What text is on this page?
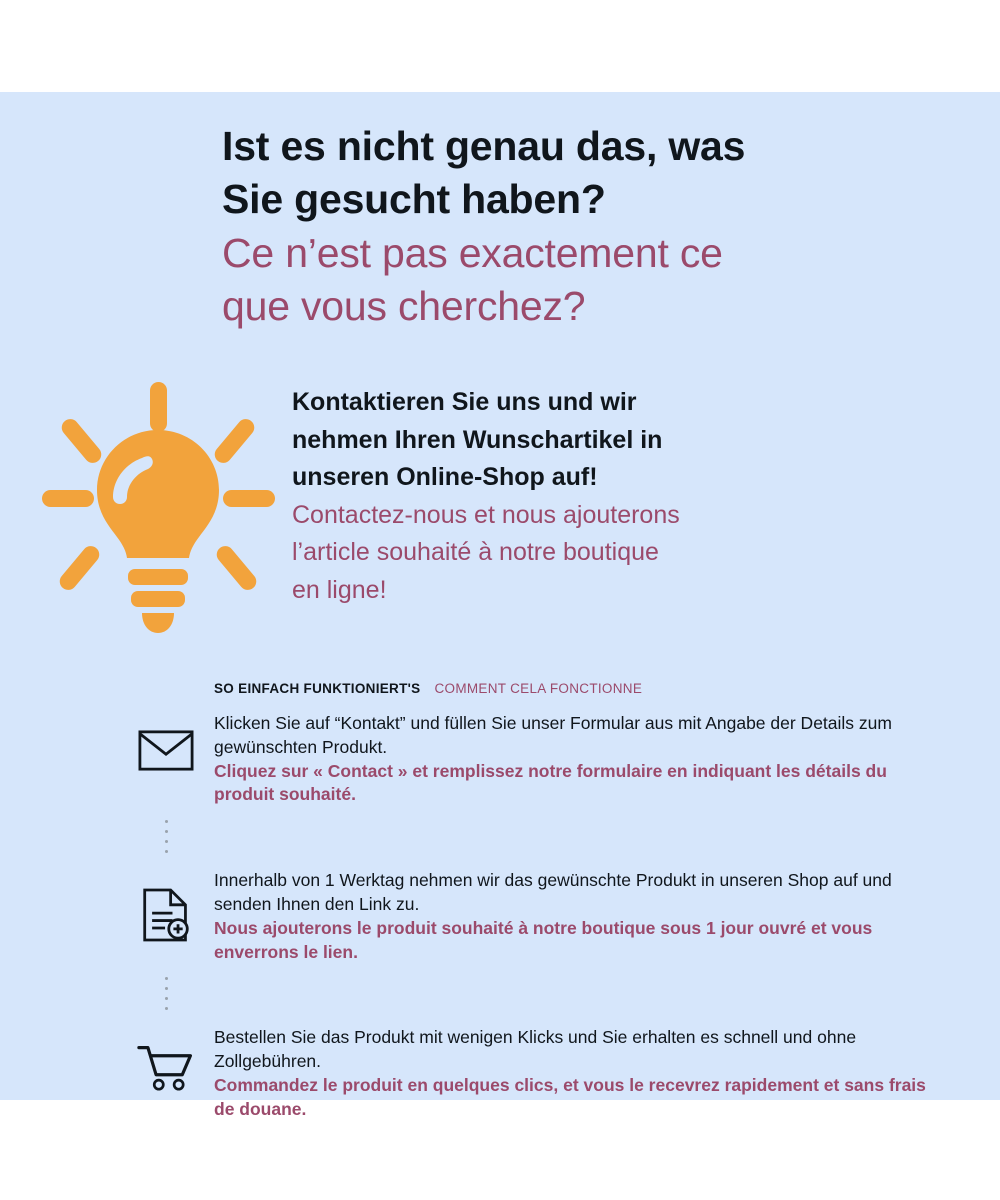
Ist es nicht genau das, was

Sie gesucht haben?

Ce n’est pas exactement ce

que vous cherchez?

Kontaktieren Sie uns und wir

nehmen Ihren Wunschartikel in

unseren Online-Shop auf!

Contactez-nous et nous ajouterons

l’article souhaité à notre boutique

en ligne!

SO EINFACH FUNKTIONIERT'S COMMENT CELA FONCTIONNE

Klicken Sie auf “Kontakt” und füllen Sie unser Formular aus mit Angabe der Details zum gewünschten Produkt.

Cliquez sur « Contact » et remplissez notre formulaire en indiquant les détails du produit souhaité.

Innerhalb von 1 Werktag nehmen wir das gewünschte Produkt in unseren Shop auf und senden Ihnen den Link zu.

Nous ajouterons le produit souhaité à notre boutique sous 1 jour ouvré et vous enverrons le lien.

Bestellen Sie das Produkt mit wenigen Klicks und Sie erhalten es schnell und ohne Zollgebühren.

Commandez le produit en quelques clics, et vous le recevrez rapidement et sans frais de douane.
